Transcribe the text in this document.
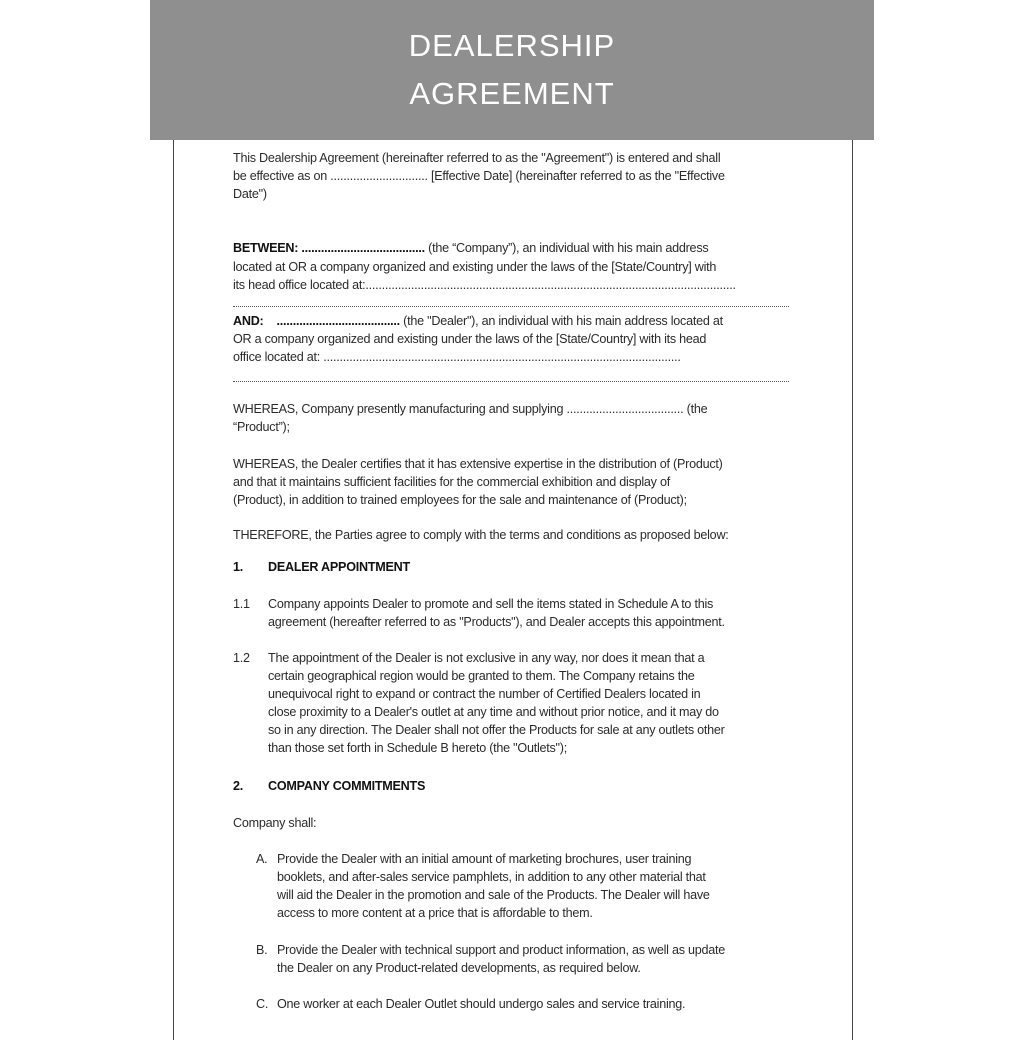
DEALERSHIP
AGREEMENT
This Dealership Agreement (hereinafter referred to as the "Agreement") is entered and shall
be effective as on .............................. [Effective Date] (hereinafter referred to as the "Effective
Date")
BETWEEN: ...................................... (the “Company”), an individual with his main address
located at OR a company organized and existing under the laws of the [State/Country] with
its head office located at:..................................................................................................................
AND:    ...................................... (the "Dealer"), an individual with his main address located at
OR a company organized and existing under the laws of the [State/Country] with its head
office located at: ..............................................................................................................
WHEREAS, Company presently manufacturing and supplying .................................... (the
“Product”);
WHEREAS, the Dealer certifies that it has extensive expertise in the distribution of (Product)
and that it maintains sufficient facilities for the commercial exhibition and display of
(Product), in addition to trained employees for the sale and maintenance of (Product);
THEREFORE, the Parties agree to comply with the terms and conditions as proposed below:
1. DEALER APPOINTMENT
1.1 Company appoints Dealer to promote and sell the items stated in Schedule A to this
agreement (hereafter referred to as "Products"), and Dealer accepts this appointment.
1.2 The appointment of the Dealer is not exclusive in any way, nor does it mean that a
certain geographical region would be granted to them. The Company retains the
unequivocal right to expand or contract the number of Certified Dealers located in
close proximity to a Dealer's outlet at any time and without prior notice, and it may do
so in any direction. The Dealer shall not offer the Products for sale at any outlets other
than those set forth in Schedule B hereto (the "Outlets");
2. COMPANY COMMITMENTS
Company shall:
A. Provide the Dealer with an initial amount of marketing brochures, user training
booklets, and after-sales service pamphlets, in addition to any other material that
will aid the Dealer in the promotion and sale of the Products. The Dealer will have
access to more content at a price that is affordable to them.
B. Provide the Dealer with technical support and product information, as well as update
the Dealer on any Product-related developments, as required below.
C. One worker at each Dealer Outlet should undergo sales and service training.
